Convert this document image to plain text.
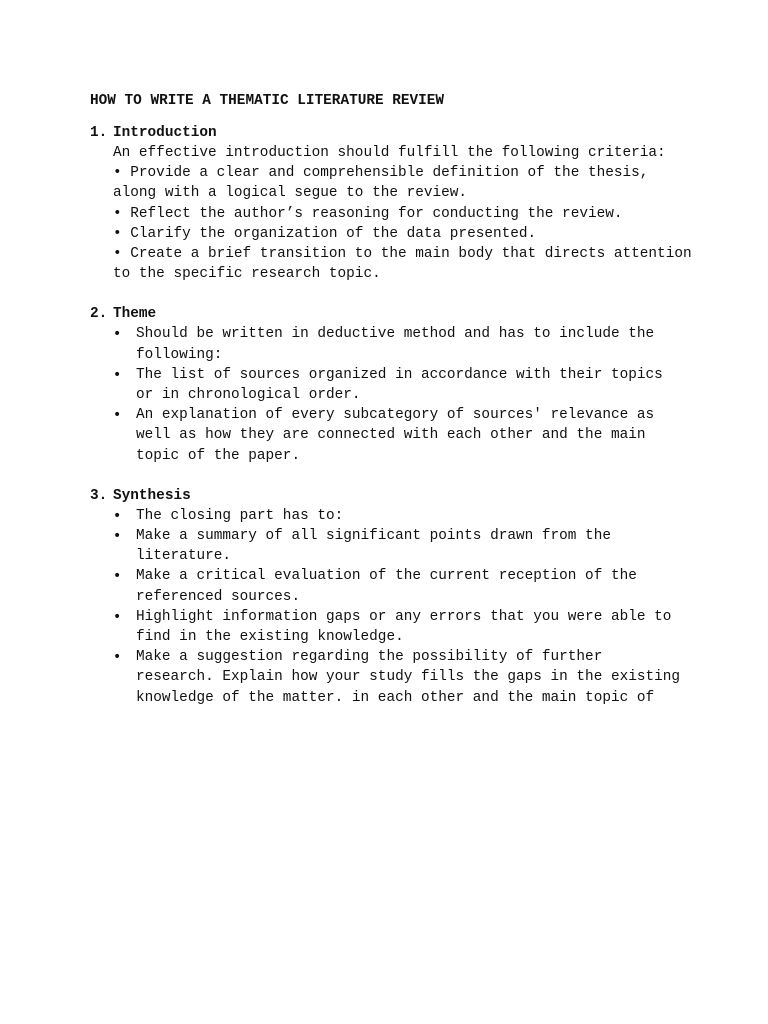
HOW TO WRITE A THEMATIC LITERATURE REVIEW
1. Introduction

An effective introduction should fulfill the following criteria:

• Provide a clear and comprehensible definition of the thesis, along with a logical segue to the review.

• Reflect the author’s reasoning for conducting the review.

• Clarify the organization of the data presented.

• Create a brief transition to the main body that directs attention to the specific research topic.

2. Theme
•	Should be written in deductive method and has to include the following:
•	The list of sources organized in accordance with their topics or in chronological order.
•	An explanation of every subcategory of sources' relevance as well as how they are connected with each other and the main topic of the paper.
3. Synthesis
•	The closing part has to:
•	Make a summary of all significant points drawn from the literature.
•	Make a critical evaluation of the current reception of the referenced sources.
•	Highlight information gaps or any errors that you were able to find in the existing knowledge.
•	Make a suggestion regarding the possibility of further research. Explain how your study fills the gaps in the existing knowledge of the matter. in each other and the main topic of
